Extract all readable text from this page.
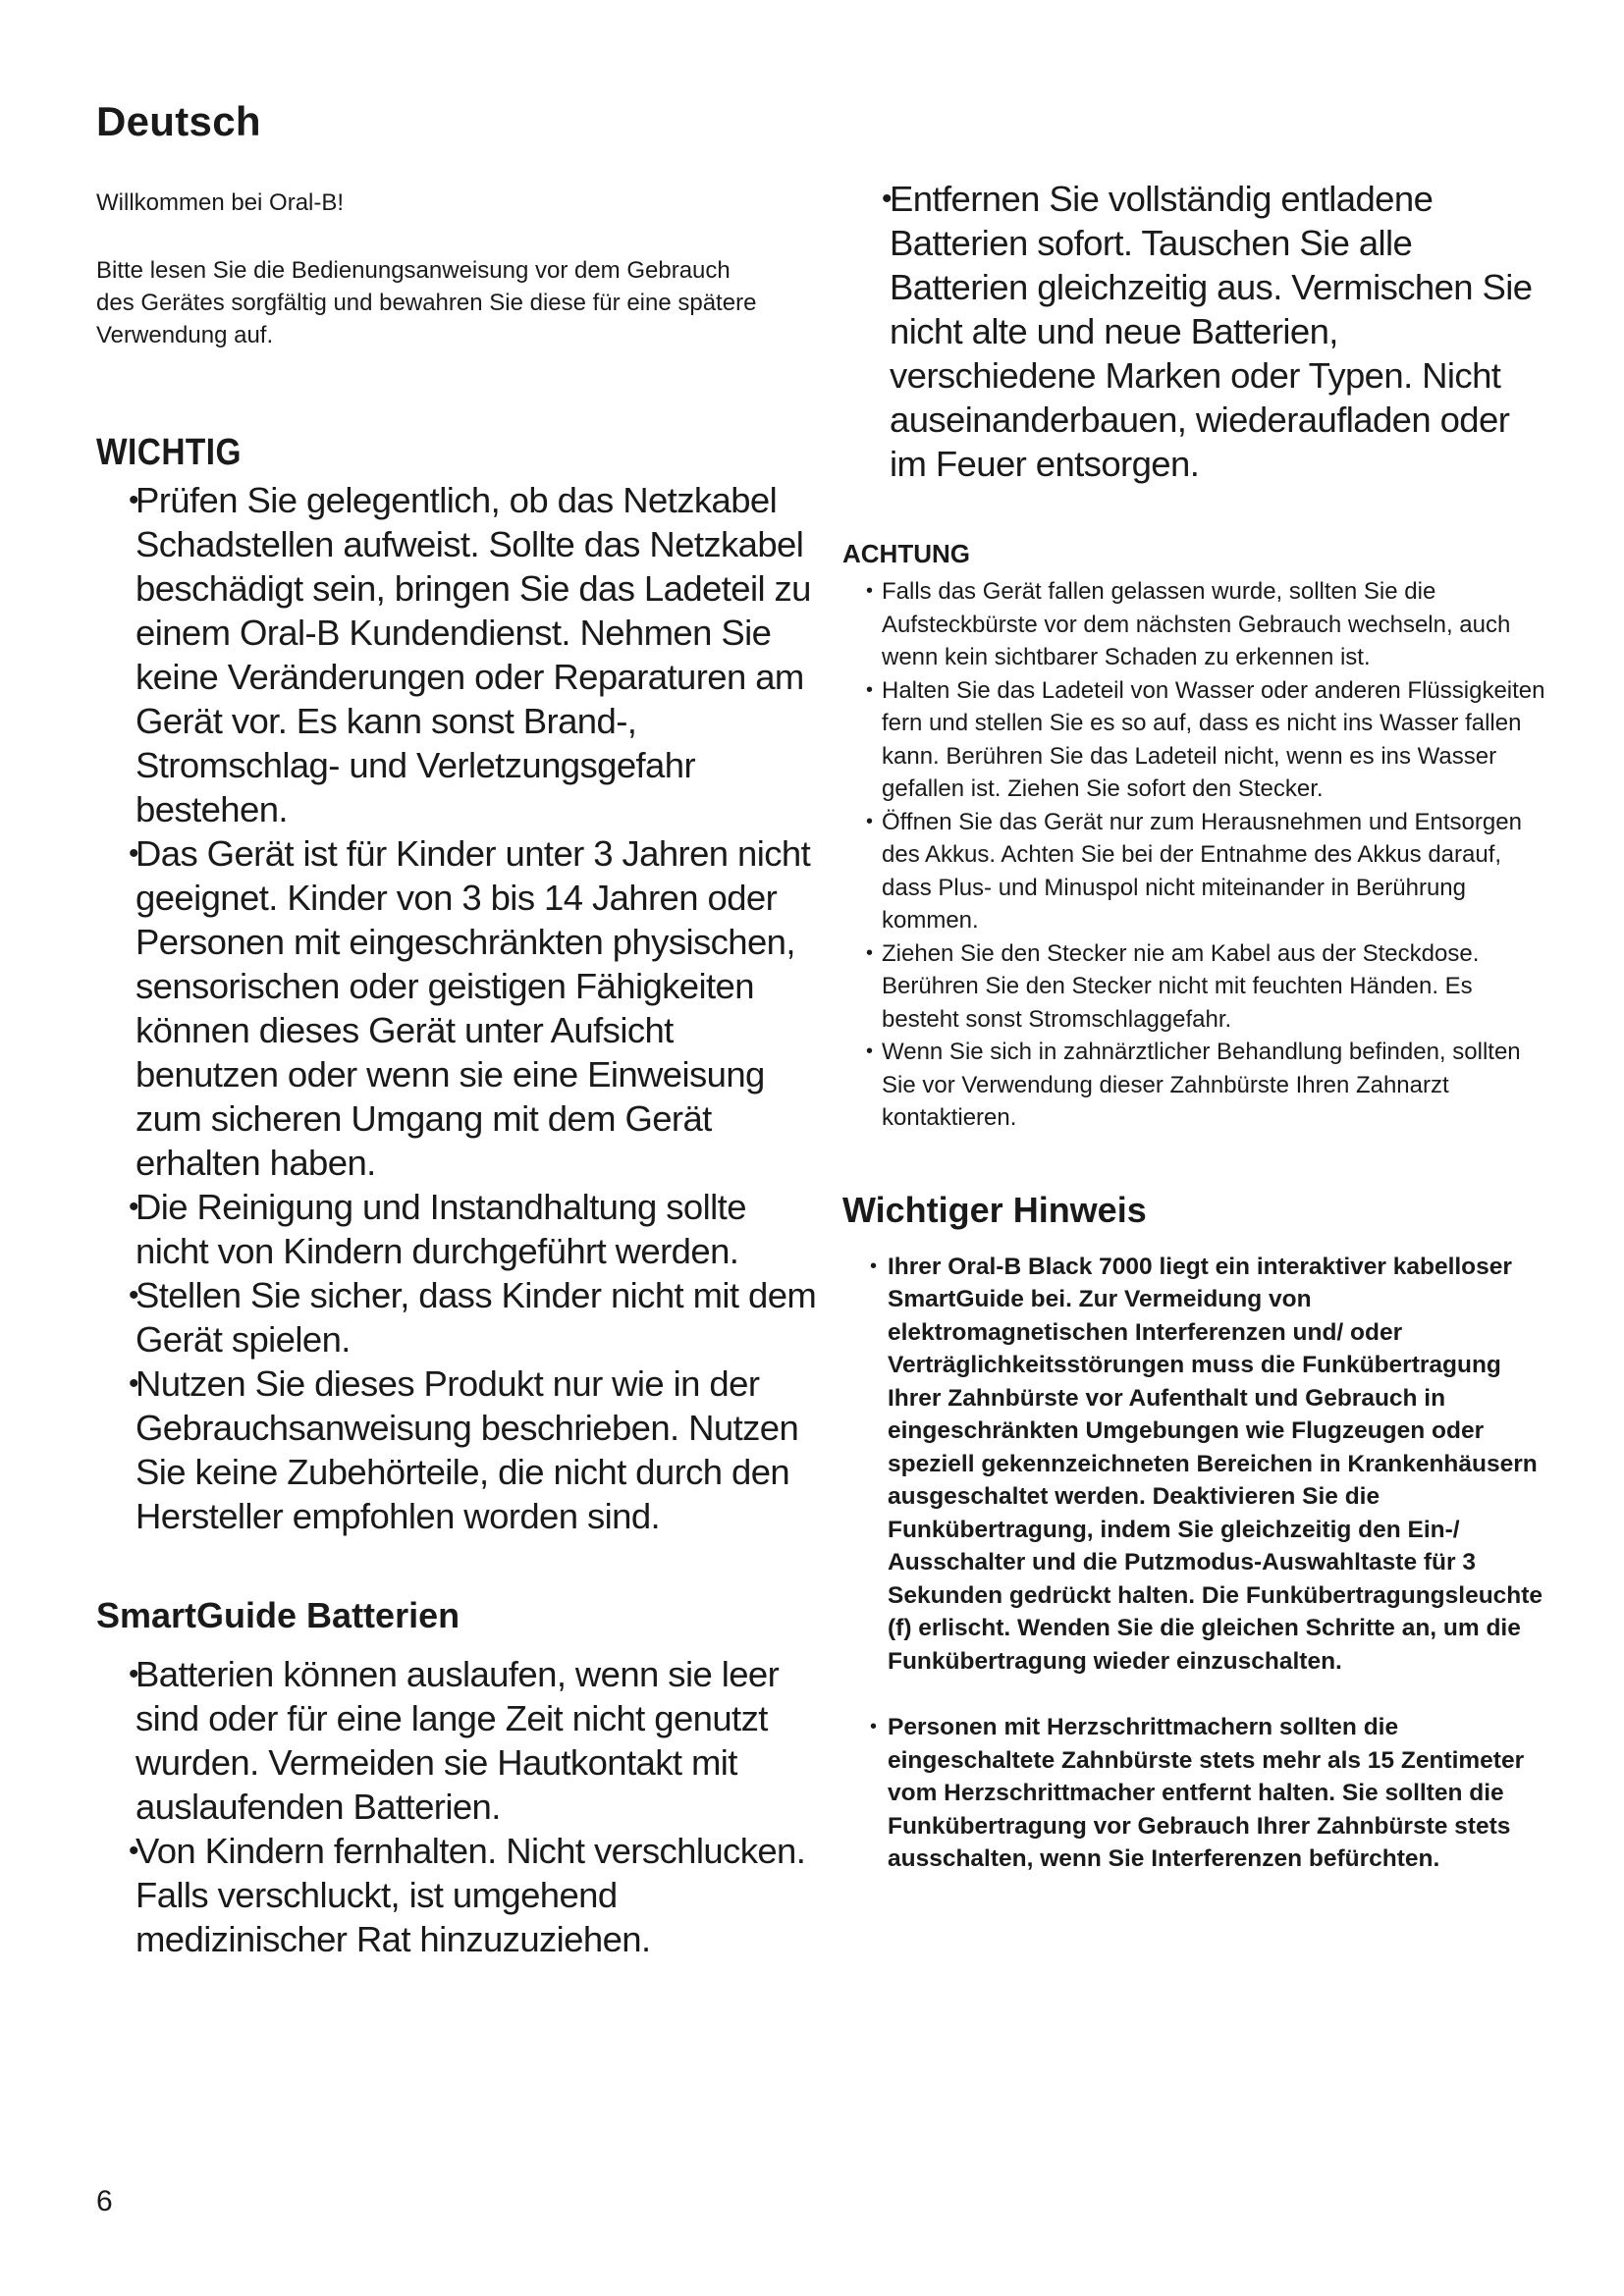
Deutsch

Willkommen bei Oral-B!

Bitte lesen Sie die Bedienungsanweisung vor dem Gebrauch des Gerätes sorgfältig und bewahren Sie diese für eine spätere Verwendung auf.

WICHTIG
•
Prüfen Sie gelegentlich, ob das Netzkabel Schadstellen aufweist. Sollte das Netzkabel beschädigt sein, bringen Sie das Ladeteil zu einem Oral-B Kundendienst. Nehmen Sie keine Veränderungen oder Reparaturen am Gerät vor. Es kann sonst Brand-, Stromschlag- und Verletzungsgefahr bestehen.
•
Das Gerät ist für Kinder unter 3 Jahren nicht geeignet. Kinder von 3 bis 14 Jahren oder Personen mit eingeschränkten physischen, sensorischen oder geistigen Fähigkeiten können dieses Gerät unter Aufsicht benutzen oder wenn sie eine Einweisung zum sicheren Umgang mit dem Gerät erhalten haben.
•
Die Reinigung und Instandhaltung sollte nicht von Kindern durchgeführt werden.
•
Stellen Sie sicher, dass Kinder nicht mit dem Gerät spielen.
•
Nutzen Sie dieses Produkt nur wie in der Gebrauchsanweisung beschrieben. Nutzen Sie keine Zubehörteile, die nicht durch den Hersteller empfohlen worden sind.
SmartGuide Batterien
•
Batterien können auslaufen, wenn sie leer sind oder für eine lange Zeit nicht genutzt wurden. Vermeiden sie Hautkontakt mit auslaufenden Batterien.
•
Von Kindern fernhalten. Nicht verschlucken. Falls verschluckt, ist umgehend medizinischer Rat hinzuzuziehen.
•
Entfernen Sie vollständig entladene Batterien sofort. Tauschen Sie alle Batterien gleichzeitig aus. Vermischen Sie nicht alte und neue Batterien, verschiedene Marken oder Typen. Nicht auseinanderbauen, wiederaufladen oder im Feuer entsorgen.
ACHTUNG
• Falls das Gerät fallen gelassen wurde, sollten Sie die Aufsteckbürste vor dem nächsten Gebrauch wechseln, auch wenn kein sichtbarer Schaden zu erkennen ist.
• Halten Sie das Ladeteil von Wasser oder anderen Flüssigkeiten fern und stellen Sie es so auf, dass es nicht ins Wasser fallen kann. Berühren Sie das Ladeteil nicht, wenn es ins Wasser gefallen ist. Ziehen Sie sofort den Stecker.
• Öffnen Sie das Gerät nur zum Herausnehmen und Entsorgen des Akkus. Achten Sie bei der Entnahme des Akkus darauf, dass Plus- und Minuspol nicht miteinander in Berührung kommen.
• Ziehen Sie den Stecker nie am Kabel aus der Steckdose. Berühren Sie den Stecker nicht mit feuchten Händen. Es besteht sonst Stromschlaggefahr.
• Wenn Sie sich in zahnärztlicher Behandlung befinden, sollten Sie vor Verwendung dieser Zahnbürste Ihren Zahnarzt kontaktieren.
Wichtiger Hinweis
• Ihrer Oral-B Black 7000 liegt ein interaktiver kabelloser SmartGuide bei. Zur Vermeidung von elektromagnetischen Interferenzen und/ oder Verträglichkeitsstörungen muss die Funkübertragung Ihrer Zahnbürste vor Aufenthalt und Gebrauch in eingeschränkten Umgebungen wie Flugzeugen oder speziell gekennzeichneten Bereichen in Krankenhäusern ausgeschaltet werden. Deaktivieren Sie die Funkübertragung, indem Sie gleichzeitig den Ein-/ Ausschalter und die Putzmodus-Auswahltaste für 3 Sekunden gedrückt halten. Die Funkübertragungsleuchte (f) erlischt. Wenden Sie die gleichen Schritte an, um die Funkübertragung wieder einzuschalten.
• Personen mit Herzschrittmachern sollten die eingeschaltete Zahnbürste stets mehr als 15 Zentimeter vom Herzschrittmacher entfernt halten. Sie sollten die Funkübertragung vor Gebrauch Ihrer Zahnbürste stets ausschalten, wenn Sie Interferenzen befürchten.
6
